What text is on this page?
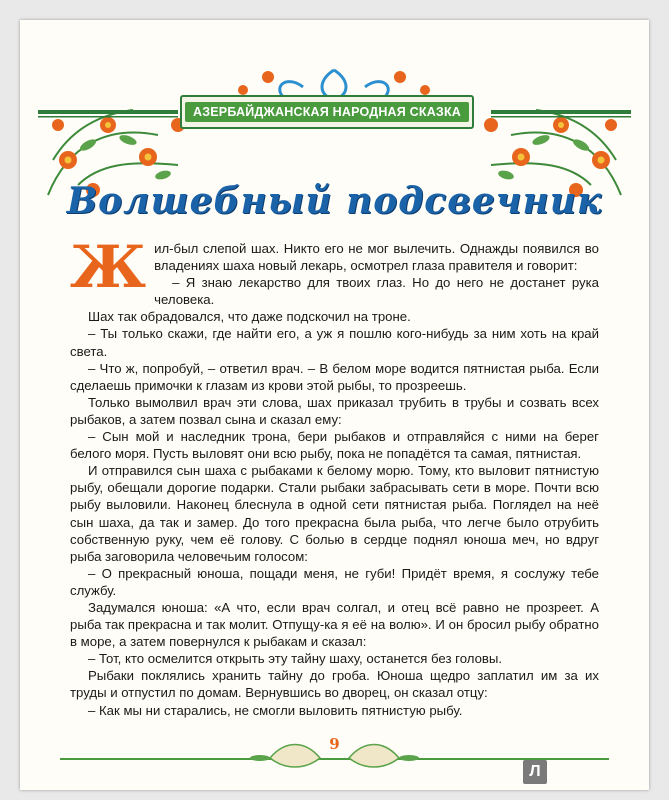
АЗЕРБАЙДЖАНСКАЯ НАРОДНАЯ СКАЗКА
Волшебный подсвечник

Жил-был слепой шах. Никто его не мог вылечить. Однажды появился во владениях шаха новый лекарь, осмотрел глаза правителя и говорит:

– Я знаю лекарство для твоих глаз. Но до него не достанет рука человека.

Шах так обрадовался, что даже подскочил на троне.

– Ты только скажи, где найти его, а уж я пошлю кого-нибудь за ним хоть на край света.

– Что ж, попробуй, – ответил врач. – В белом море водится пятнистая рыба. Если сделаешь примочки к глазам из крови этой рыбы, то прозреешь.

Только вымолвил врач эти слова, шах приказал трубить в трубы и созвать всех рыбаков, а затем позвал сына и сказал ему:

– Сын мой и наследник трона, бери рыбаков и отправляйся с ними на берег белого моря. Пусть выловят они всю рыбу, пока не попадётся та самая, пятнистая.

И отправился сын шаха с рыбаками к белому морю. Тому, кто выловит пятнистую рыбу, обещали дорогие подарки. Стали рыбаки забрасывать сети в море. Почти всю рыбу выловили. Наконец блеснула в одной сети пятнистая рыба. Поглядел на неё сын шаха, да так и замер. До того прекрасна была рыба, что легче было отрубить собственную руку, чем её голову. С болью в сердце поднял юноша меч, но вдруг рыба заговорила человечьим голосом:

– О прекрасный юноша, пощади меня, не губи! Придёт время, я сослужу тебе службу.

Задумался юноша: «А что, если врач солгал, и отец всё равно не прозреет. А рыба так прекрасна и так молит. Отпущу-ка я её на волю». И он бросил рыбу обратно в море, а затем повернулся к рыбакам и сказал:

– Тот, кто осмелится открыть эту тайну шаху, останется без головы.

Рыбаки поклялись хранить тайну до гроба. Юноша щедро заплатил им за их труды и отпустил по домам. Вернувшись во дворец, он сказал отцу:

– Как мы ни старались, не смогли выловить пятнистую рыбу.

9
Л
